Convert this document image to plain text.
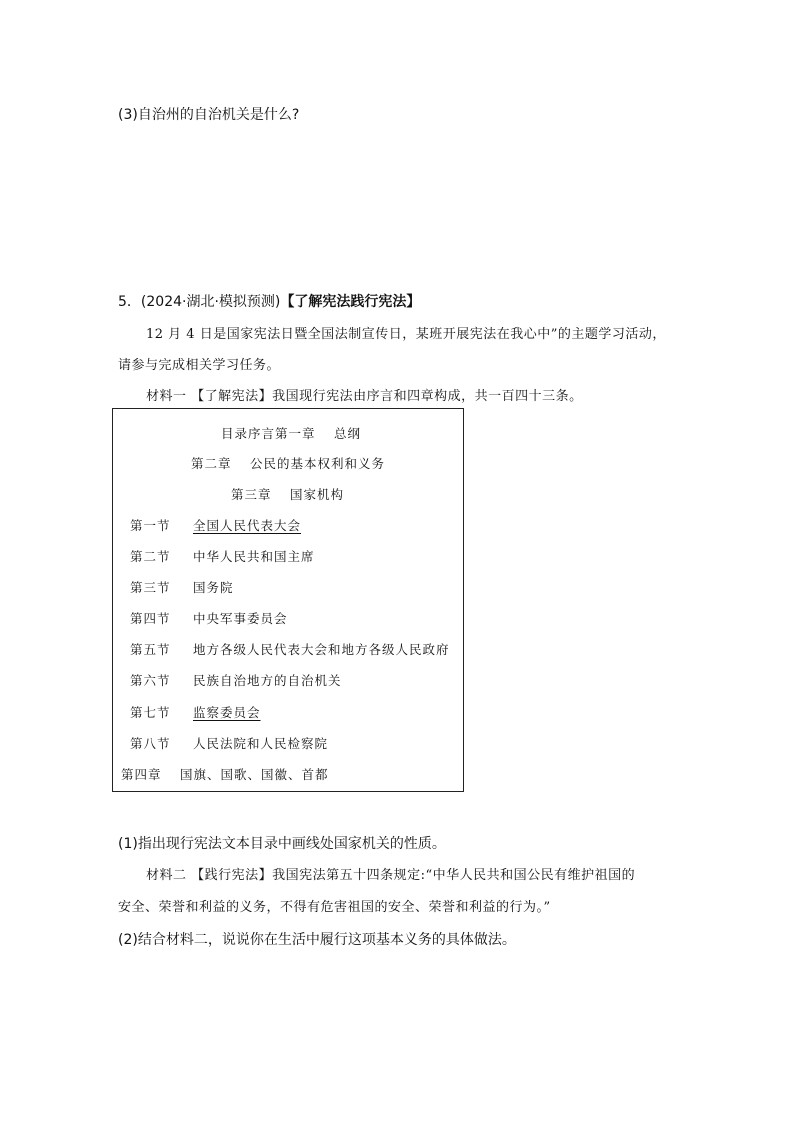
(3)自治州的自治机关是什么?
5．(2024·湖北·模拟预测)【了解宪法践行宪法】
12 月 4 日是国家宪法日暨全国法制宣传日，某班开展宪法在我心中”的主题学习活动，
请参与完成相关学习任务。
材料一 【了解宪法】我国现行宪法由序言和四章构成，共一百四十三条。
目录序言第一章　 总纲
第二章　 公民的基本权利和义务
第三章　 国家机构
第一节 全国人民代表大会
第二节 中华人民共和国主席
第三节 国务院
第四节 中央军事委员会
第五节 地方各级人民代表大会和地方各级人民政府
第六节 民族自治地方的自治机关
第七节 监察委员会
第八节 人民法院和人民检察院
第四章　 国旗、国歌、国徽、首都
(1)指出现行宪法文本目录中画线处国家机关的性质。
材料二 【践行宪法】我国宪法第五十四条规定:“中华人民共和国公民有维护祖国的
安全、荣誉和利益的义务，不得有危害祖国的安全、荣誉和利益的行为。”
(2)结合材料二，说说你在生活中履行这项基本义务的具体做法。
